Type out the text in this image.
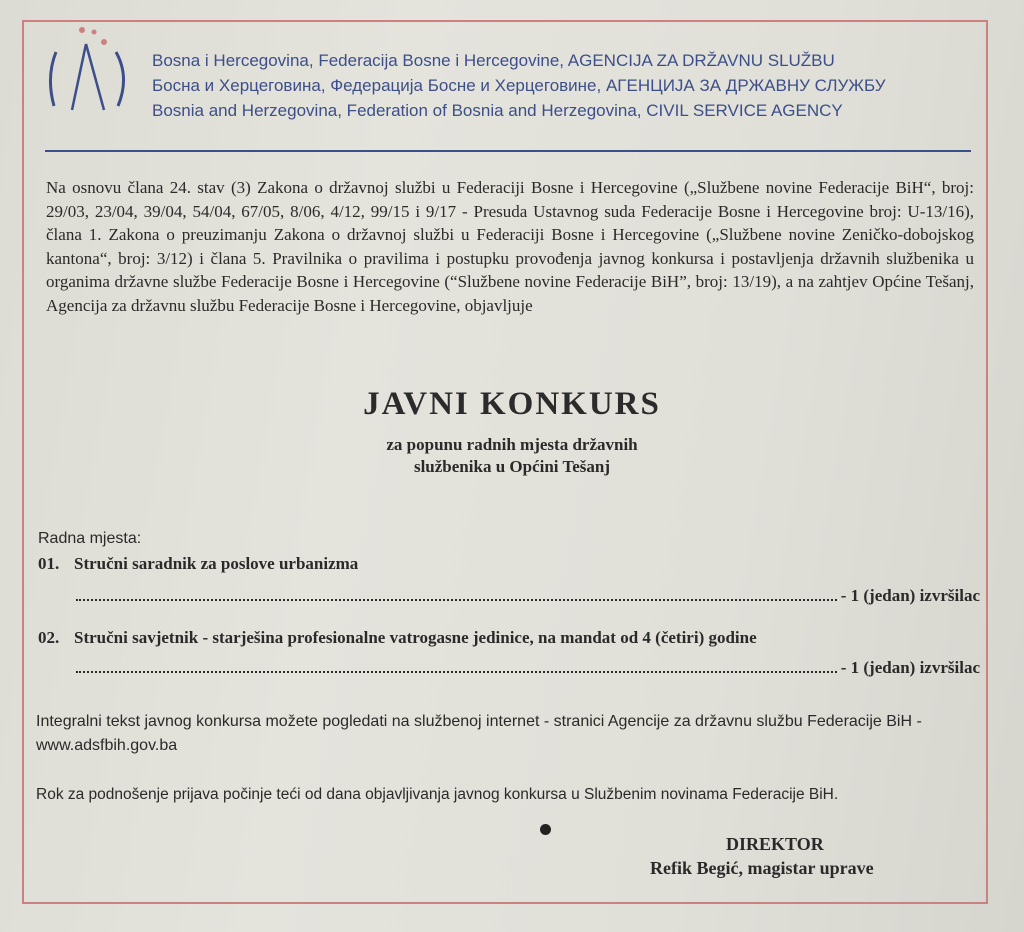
Bosna i Hercegovina, Federacija Bosne i Hercegovine, AGENCIJA ZA DRŽAVNU SLUŽBU
Босна и Херцеговина, Федерација Босне и Херцеговине, АГЕНЦИЈА ЗА ДРЖАВНУ СЛУЖБУ
Bosnia and Herzegovina, Federation of Bosnia and Herzegovina, CIVIL SERVICE AGENCY
Na osnovu člana 24. stav (3) Zakona o državnoj službi u Federaciji Bosne i Hercegovine („Službene novine Federacije BiH“, broj: 29/03, 23/04, 39/04, 54/04, 67/05, 8/06, 4/12, 99/15 i 9/17 - Presuda Ustavnog suda Federacije Bosne i Hercegovine broj: U-13/16), člana 1. Zakona o preuzimanju Zakona o državnoj službi u Federaciji Bosne i Hercegovine („Službene novine Zeničko-dobojskog kantona“, broj: 3/12) i člana 5. Pravilnika o pravilima i postupku provođenja javnog konkursa i postavljenja državnih službenika u organima državne službe Federacije Bosne i Hercegovine (“Službene novine Federacije BiH”, broj: 13/19), a na zahtjev Općine Tešanj, Agencija za državnu službu Federacije Bosne i Hercegovine, objavljuje
JAVNI KONKURS
za popunu radnih mjesta državnih
službenika u Općini Tešanj
Radna mjesta:
01. Stručni saradnik za poslove urbanizma
- 1 (jedan) izvršilac
02. Stručni savjetnik - starješina profesionalne vatrogasne jedinice, na mandat od 4 (četiri) godine
- 1 (jedan) izvršilac
Integralni tekst javnog konkursa možete pogledati na službenoj internet - stranici Agencije za državnu službu Federacije BiH - www.adsfbih.gov.ba
Rok za podnošenje prijava počinje teći od dana objavljivanja javnog konkursa u Službenim novinama Federacije BiH.
DIREKTOR
Refik Begić, magistar uprave
